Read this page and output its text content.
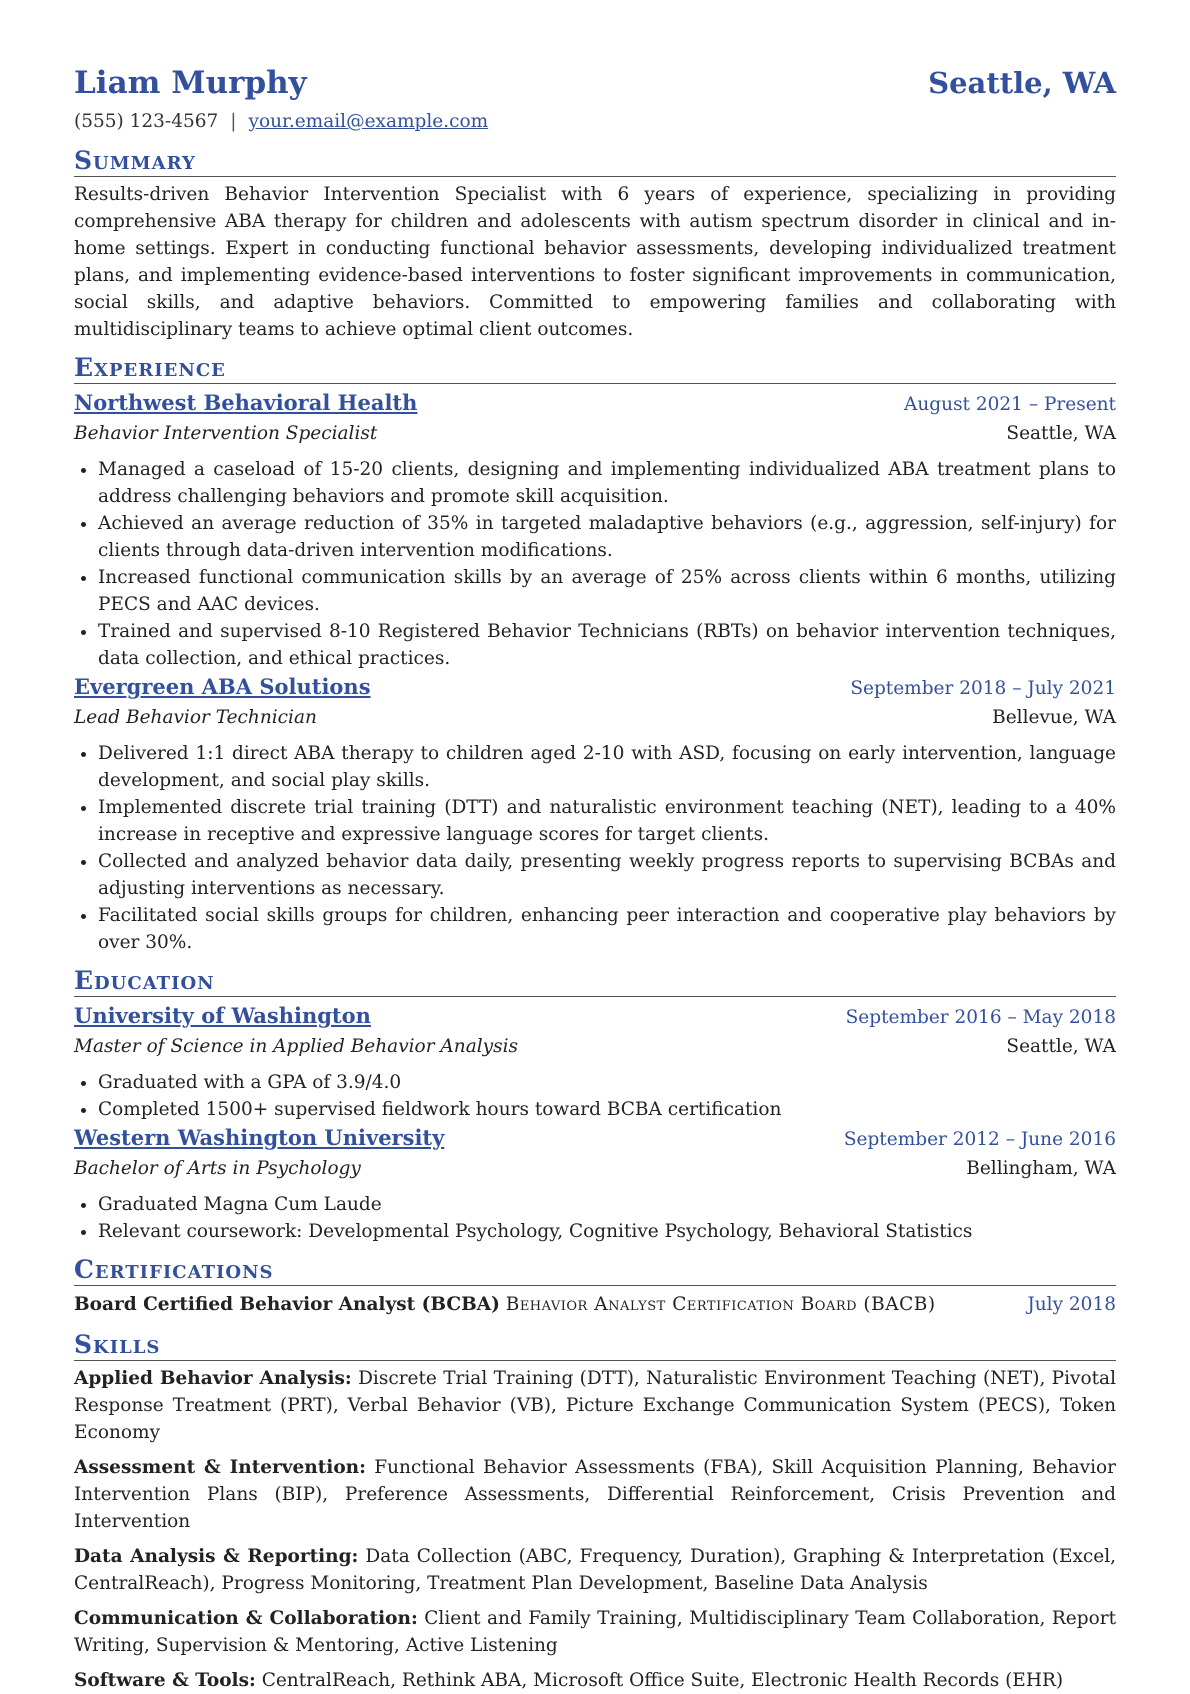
Liam Murphy	Seattle, WA
(555) 123-4567 | your.email@example.com
Summary

Results-driven Behavior Intervention Specialist with 6 years of experience, specializing in providing comprehensive ABA therapy for children and adolescents with autism spectrum disorder in clinical and in-home settings. Expert in conducting functional behavior assessments, developing individualized treatment plans, and implementing evidence-based interventions to foster significant improvements in communication, social skills, and adaptive behaviors. Committed to empowering families and collaborating with multidisciplinary teams to achieve optimal client outcomes.

Experience
Northwest Behavioral Health	August 2021 – Present
Behavior Intervention Specialist	Seattle, WA
• Managed a caseload of 15-20 clients, designing and implementing individualized ABA treatment plans to address challenging behaviors and promote skill acquisition.
• Achieved an average reduction of 35% in targeted maladaptive behaviors (e.g., aggression, self-injury) for clients through data-driven intervention modifications.
• Increased functional communication skills by an average of 25% across clients within 6 months, utilizing PECS and AAC devices.
• Trained and supervised 8-10 Registered Behavior Technicians (RBTs) on behavior intervention techniques, data collection, and ethical practices.
Evergreen ABA Solutions	September 2018 – July 2021
Lead Behavior Technician	Bellevue, WA
• Delivered 1:1 direct ABA therapy to children aged 2-10 with ASD, focusing on early intervention, language development, and social play skills.
• Implemented discrete trial training (DTT) and naturalistic environment teaching (NET), leading to a 40% increase in receptive and expressive language scores for target clients.
• Collected and analyzed behavior data daily, presenting weekly progress reports to supervising BCBAs and adjusting interventions as necessary.
• Facilitated social skills groups for children, enhancing peer interaction and cooperative play behaviors by over 30%.
Education
University of Washington	September 2016 – May 2018
Master of Science in Applied Behavior Analysis	Seattle, WA
• Graduated with a GPA of 3.9/4.0
• Completed 1500+ supervised fieldwork hours toward BCBA certification
Western Washington University	September 2012 – June 2016
Bachelor of Arts in Psychology	Bellingham, WA
• Graduated Magna Cum Laude
• Relevant coursework: Developmental Psychology, Cognitive Psychology, Behavioral Statistics
Certifications
Board Certified Behavior Analyst (BCBA) Behavior Analyst Certification Board (BACB)	July 2018
Skills

Applied Behavior Analysis: Discrete Trial Training (DTT), Naturalistic Environment Teaching (NET), Pivotal Response Treatment (PRT), Verbal Behavior (VB), Picture Exchange Communication System (PECS), Token Economy

Assessment & Intervention: Functional Behavior Assessments (FBA), Skill Acquisition Planning, Behavior Intervention Plans (BIP), Preference Assessments, Differential Reinforcement, Crisis Prevention and Intervention

Data Analysis & Reporting: Data Collection (ABC, Frequency, Duration), Graphing & Interpretation (Excel, CentralReach), Progress Monitoring, Treatment Plan Development, Baseline Data Analysis

Communication & Collaboration: Client and Family Training, Multidisciplinary Team Collaboration, Report Writing, Supervision & Mentoring, Active Listening

Software & Tools: CentralReach, Rethink ABA, Microsoft Office Suite, Electronic Health Records (EHR)
